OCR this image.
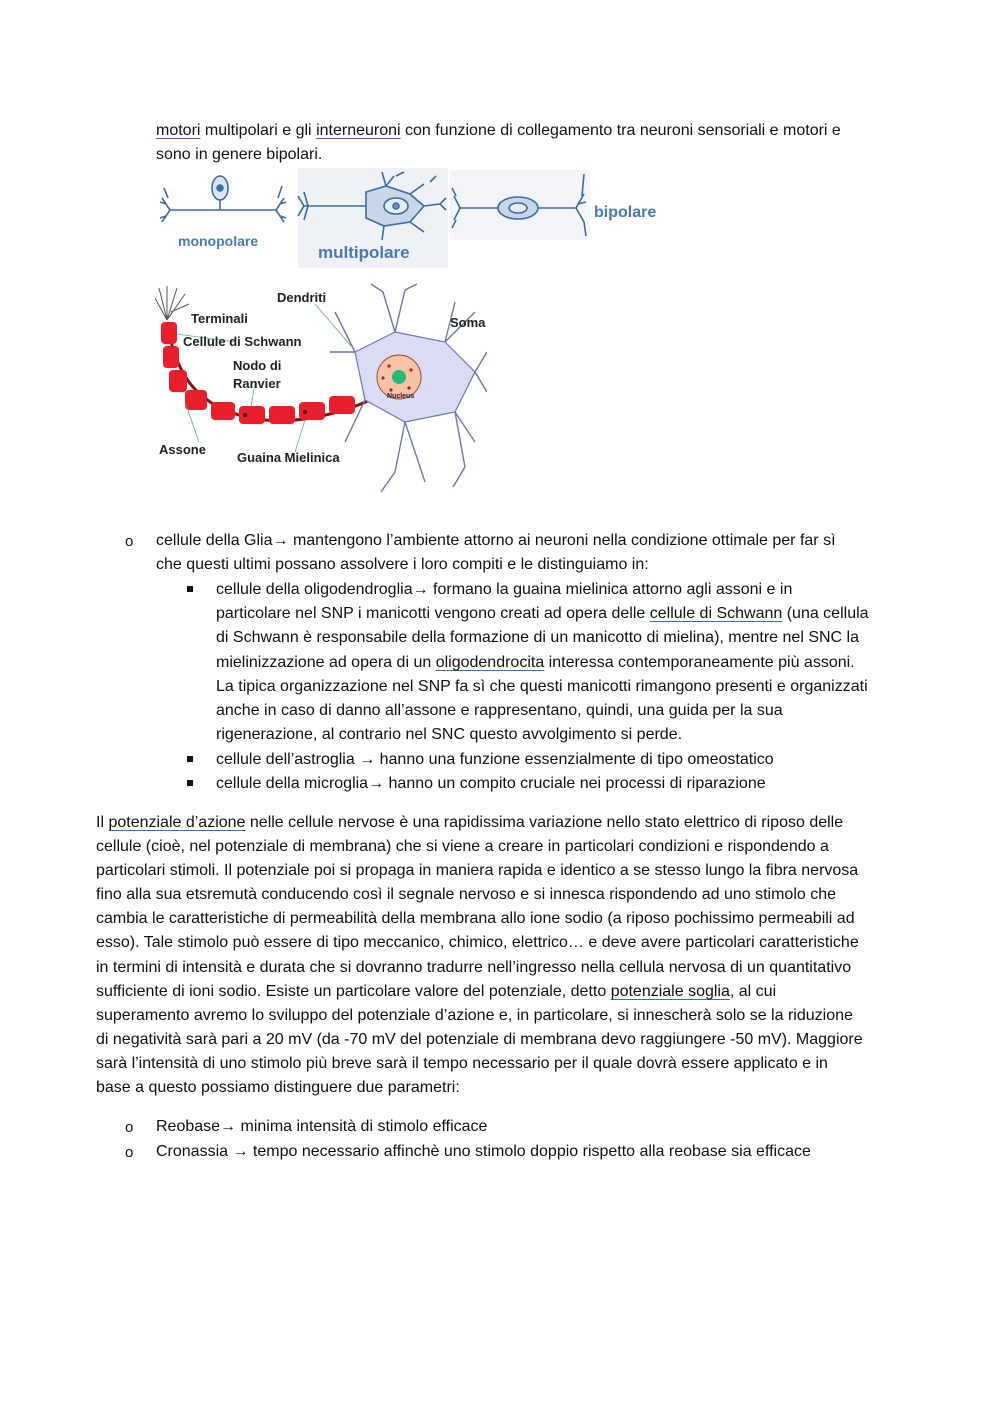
motori multipolari e gli interneuroni con funzione di collegamento tra neuroni sensoriali e motori e
sono in genere bipolari.
monopolare
multipolare
bipolare
Dendriti
Terminali	Soma
Cellule di Schwann
Nodo di
Ranvier
Nucleus
Assone
Guaina Mielinica
o cellule della Glia→ mantengono l’ambiente attorno ai neuroni nella condizione ottimale per far sì
che questi ultimi possano assolvere i loro compiti e le distinguiamo in:
cellule della oligodendroglia→ formano la guaina mielinica attorno agli assoni e in
particolare nel SNP i manicotti vengono creati ad opera delle cellule di Schwann (una cellula
di Schwann è responsabile della formazione di un manicotto di mielina), mentre nel SNC la
mielinizzazione ad opera di un oligodendrocita interessa contemporaneamente più assoni.
La tipica organizzazione nel SNP fa sì che questi manicotti rimangono presenti e organizzati
anche in caso di danno all’assone e rappresentano, quindi, una guida per la sua
rigenerazione, al contrario nel SNC questo avvolgimento si perde.
cellule dell’astroglia → hanno una funzione essenzialmente di tipo omeostatico
cellule della microglia→ hanno un compito cruciale nei processi di riparazione
Il potenziale d’azione nelle cellule nervose è una rapidissima variazione nello stato elettrico di riposo delle
cellule (cioè, nel potenziale di membrana) che si viene a creare in particolari condizioni e rispondendo a
particolari stimoli. Il potenziale poi si propaga in maniera rapida e identico a se stesso lungo la fibra nervosa
fino alla sua etsremutà conducendo così il segnale nervoso e si innesca rispondendo ad uno stimolo che
cambia le caratteristiche di permeabilità della membrana allo ione sodio (a riposo pochissimo permeabili ad
esso). Tale stimolo può essere di tipo meccanico, chimico, elettrico… e deve avere particolari caratteristiche
in termini di intensità e durata che si dovranno tradurre nell’ingresso nella cellula nervosa di un quantitativo
sufficiente di ioni sodio. Esiste un particolare valore del potenziale, detto potenziale soglia, al cui
superamento avremo lo sviluppo del potenziale d’azione e, in particolare, si innescherà solo se la riduzione
di negatività sarà pari a 20 mV (da -70 mV del potenziale di membrana devo raggiungere -50 mV). Maggiore
sarà l’intensità di uno stimolo più breve sarà il tempo necessario per il quale dovrà essere applicato e in
base a questo possiamo distinguere due parametri:
o Reobase→ minima intensità di stimolo efficace
o Cronassia → tempo necessario affinchè uno stimolo doppio rispetto alla reobase sia efficace
